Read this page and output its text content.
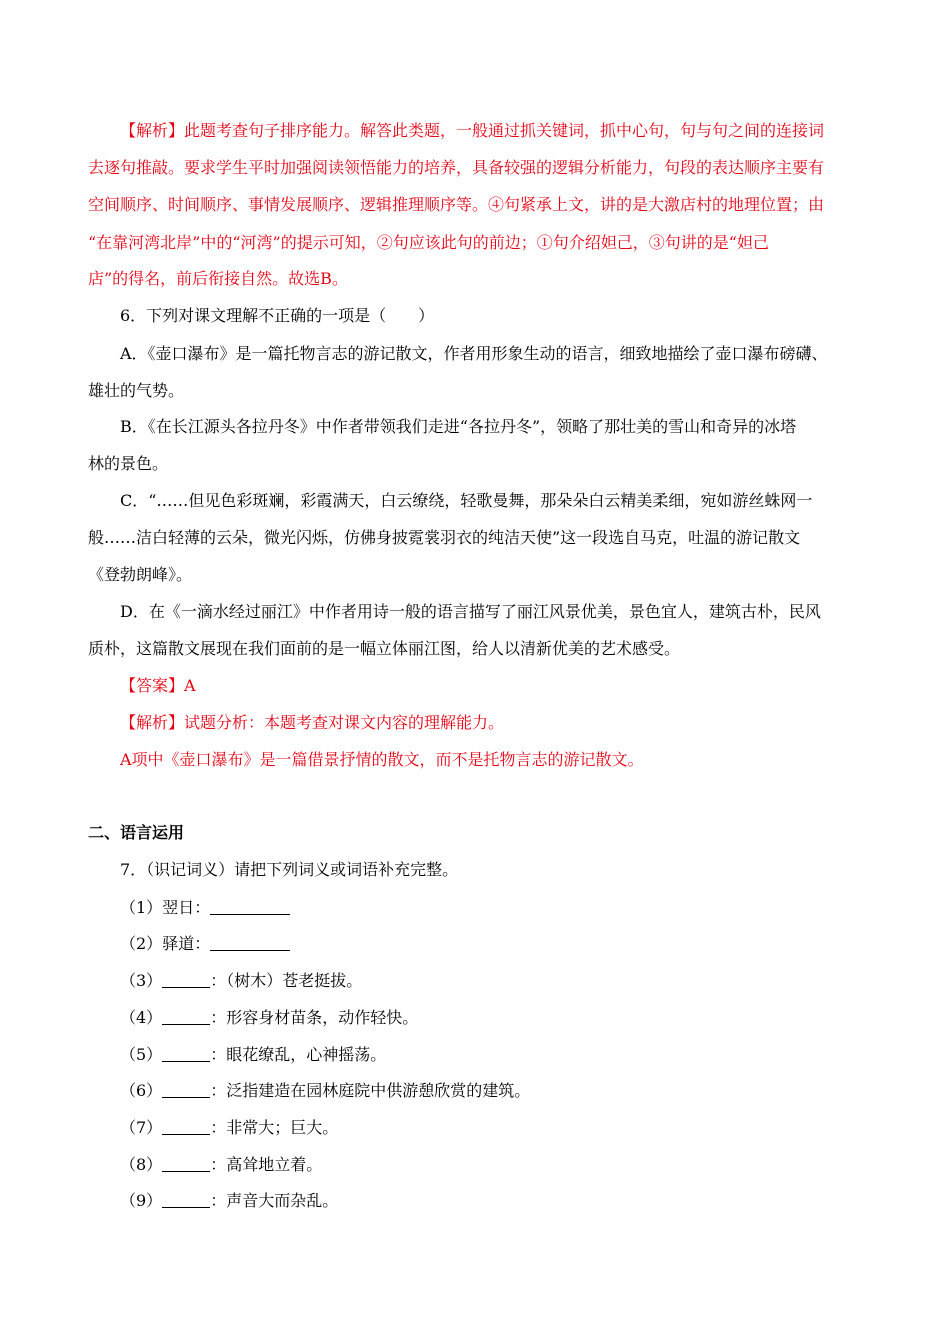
【解析】此题考查句子排序能力。解答此类题，一般通过抓关键词，抓中心句，句与句之间的连接词
去逐句推敲。要求学生平时加强阅读领悟能力的培养，具备较强的逻辑分析能力，句段的表达顺序主要有
空间顺序、时间顺序、事情发展顺序、逻辑推理顺序等。④句紧承上文，讲的是大激店村的地理位置；由
“在靠河湾北岸”中的“河湾”的提示可知，②句应该此句的前边；①句介绍妲己，③句讲的是“妲己
店”的得名，前后衔接自然。故选B。
6．下列对课文理解不正确的一项是（　　）
A．《壶口瀑布》是一篇托物言志的游记散文，作者用形象生动的语言，细致地描绘了壶口瀑布磅礴、
雄壮的气势。
B．《在长江源头各拉丹冬》中作者带领我们走进“各拉丹冬”，领略了那壮美的雪山和奇异的冰塔
林的景色。
C．“……但见色彩斑斓，彩霞满天，白云缭绕，轻歌曼舞，那朵朵白云精美柔细，宛如游丝蛛网一
般……洁白轻薄的云朵，微光闪烁，仿佛身披霓裳羽衣的纯洁天使”这一段选自马克，吐温的游记散文
《登勃朗峰》。
D．在《一滴水经过丽江》中作者用诗一般的语言描写了丽江风景优美，景色宜人，建筑古朴，民风
质朴，这篇散文展现在我们面前的是一幅立体丽江图，给人以清新优美的艺术感受。
【答案】A
【解析】试题分析：本题考查对课文内容的理解能力。
A项中《壶口瀑布》是一篇借景抒情的散文，而不是托物言志的游记散文。
二、语言运用
7．（识记词义）请把下列词义或词语补充完整。
（1）翌日：
（2）驿道：
（3）	：（树木）苍老挺拔。
（4）	：形容身材苗条，动作轻快。
（5）	：眼花缭乱，心神摇荡。
（6）	：泛指建造在园林庭院中供游憩欣赏的建筑。
（7）	：非常大；巨大。
（8）	：高耸地立着。
（9）	：声音大而杂乱。
